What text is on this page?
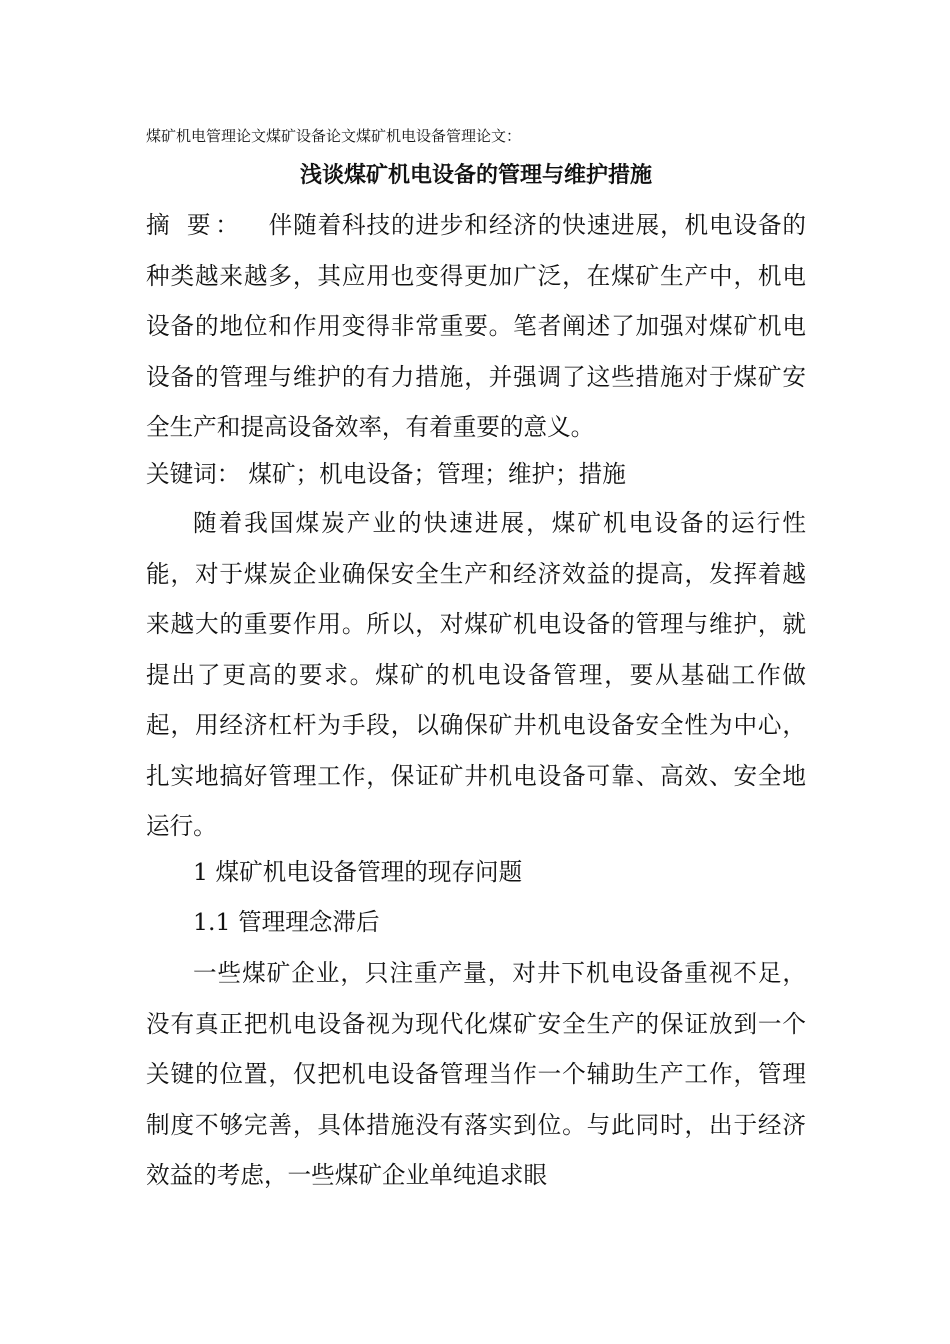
煤矿机电管理论文煤矿设备论文煤矿机电设备管理论文：
浅谈煤矿机电设备的管理与维护措施
摘 要： 伴随着科技的进步和经济的快速进展，机电设备的种类越来越多，其应用也变得更加广泛，在煤矿生产中，机电设备的地位和作用变得非常重要。笔者阐述了加强对煤矿机电设备的管理与维护的有力措施，并强调了这些措施对于煤矿安全生产和提高设备效率，有着重要的意义。
关键词： 煤矿；机电设备；管理；维护；措施
随着我国煤炭产业的快速进展，煤矿机电设备的运行性能，对于煤炭企业确保安全生产和经济效益的提高，发挥着越来越大的重要作用。所以，对煤矿机电设备的管理与维护，就提出了更高的要求。煤矿的机电设备管理，要从基础工作做起，用经济杠杆为手段，以确保矿井机电设备安全性为中心，扎实地搞好管理工作，保证矿井机电设备可靠、高效、安全地运行。
1 煤矿机电设备管理的现存问题
1.1 管理理念滞后
一些煤矿企业，只注重产量，对井下机电设备重视不足，没有真正把机电设备视为现代化煤矿安全生产的保证放到一个关键的位置，仅把机电设备管理当作一个辅助生产工作，管理制度不够完善，具体措施没有落实到位。与此同时，出于经济效益的考虑，一些煤矿企业单纯追求眼
